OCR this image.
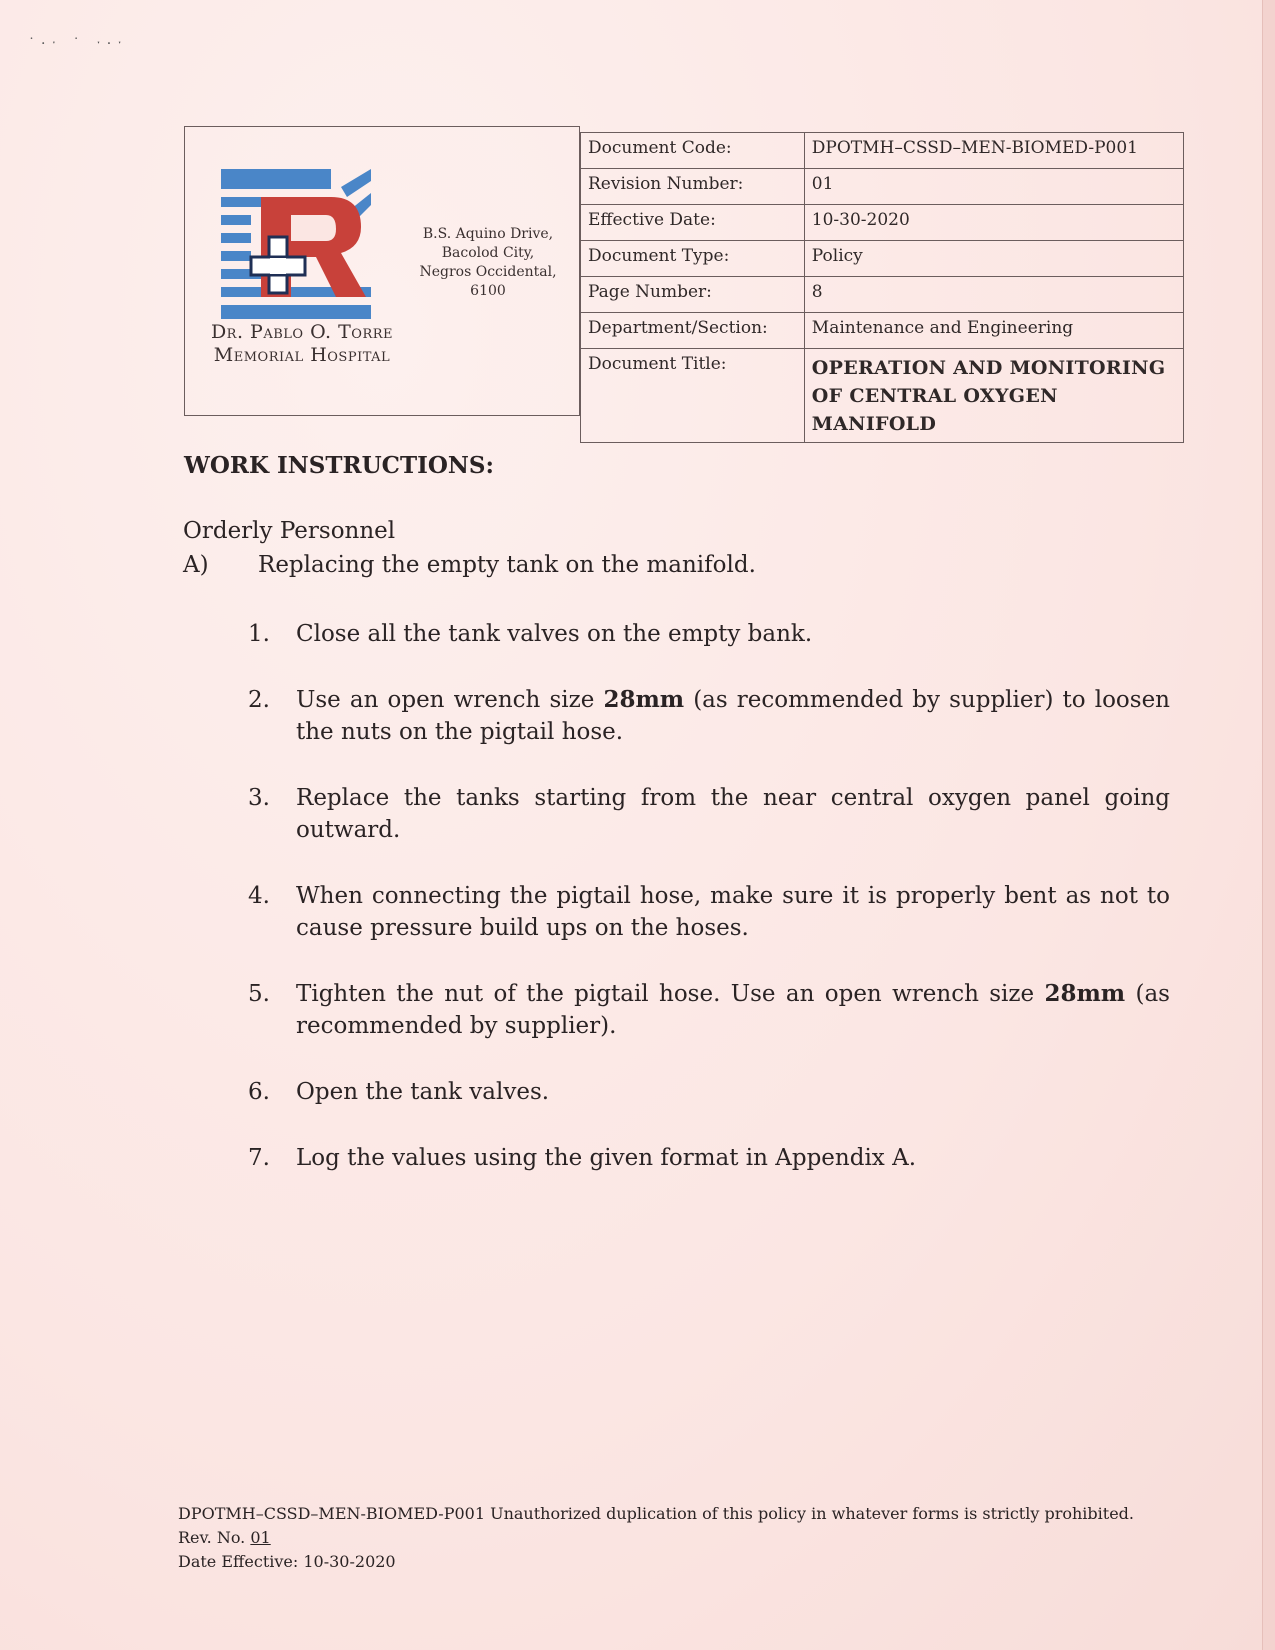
˙·ˑ ˙ ˑ·ˑ
Dr. Pablo O. Torre
Memorial Hospital
B.S. Aquino Drive,
Bacolod City,
Negros Occidental,
6100
Document Code:	DPOTMH–CSSD–MEN-BIOMED-P001
Revision Number:	01
Effective Date:	10-30-2020
Document Type:	Policy
Page Number:	8
Department/Section:	Maintenance and Engineering
Document Title:	OPERATION AND MONITORING
OF CENTRAL OXYGEN MANIFOLD
WORK INSTRUCTIONS:
Orderly Personnel
A) Replacing the empty tank on the manifold.
1. Close all the tank valves on the empty bank.
2. Use an open wrench size 28mm (as recommended by supplier) to loosen the nuts on the pigtail hose.
3. Replace the tanks starting from the near central oxygen panel going outward.
4. When connecting the pigtail hose, make sure it is properly bent as not to cause pressure build ups on the hoses.
5. Tighten the nut of the pigtail hose. Use an open wrench size 28mm (as recommended by supplier).
6. Open the tank valves.
7. Log the values using the given format in Appendix A.
DPOTMH–CSSD–MEN-BIOMED-P001 Unauthorized duplication of this policy in whatever forms is strictly prohibited.
Rev. No. 01
Date Effective: 10-30-2020
